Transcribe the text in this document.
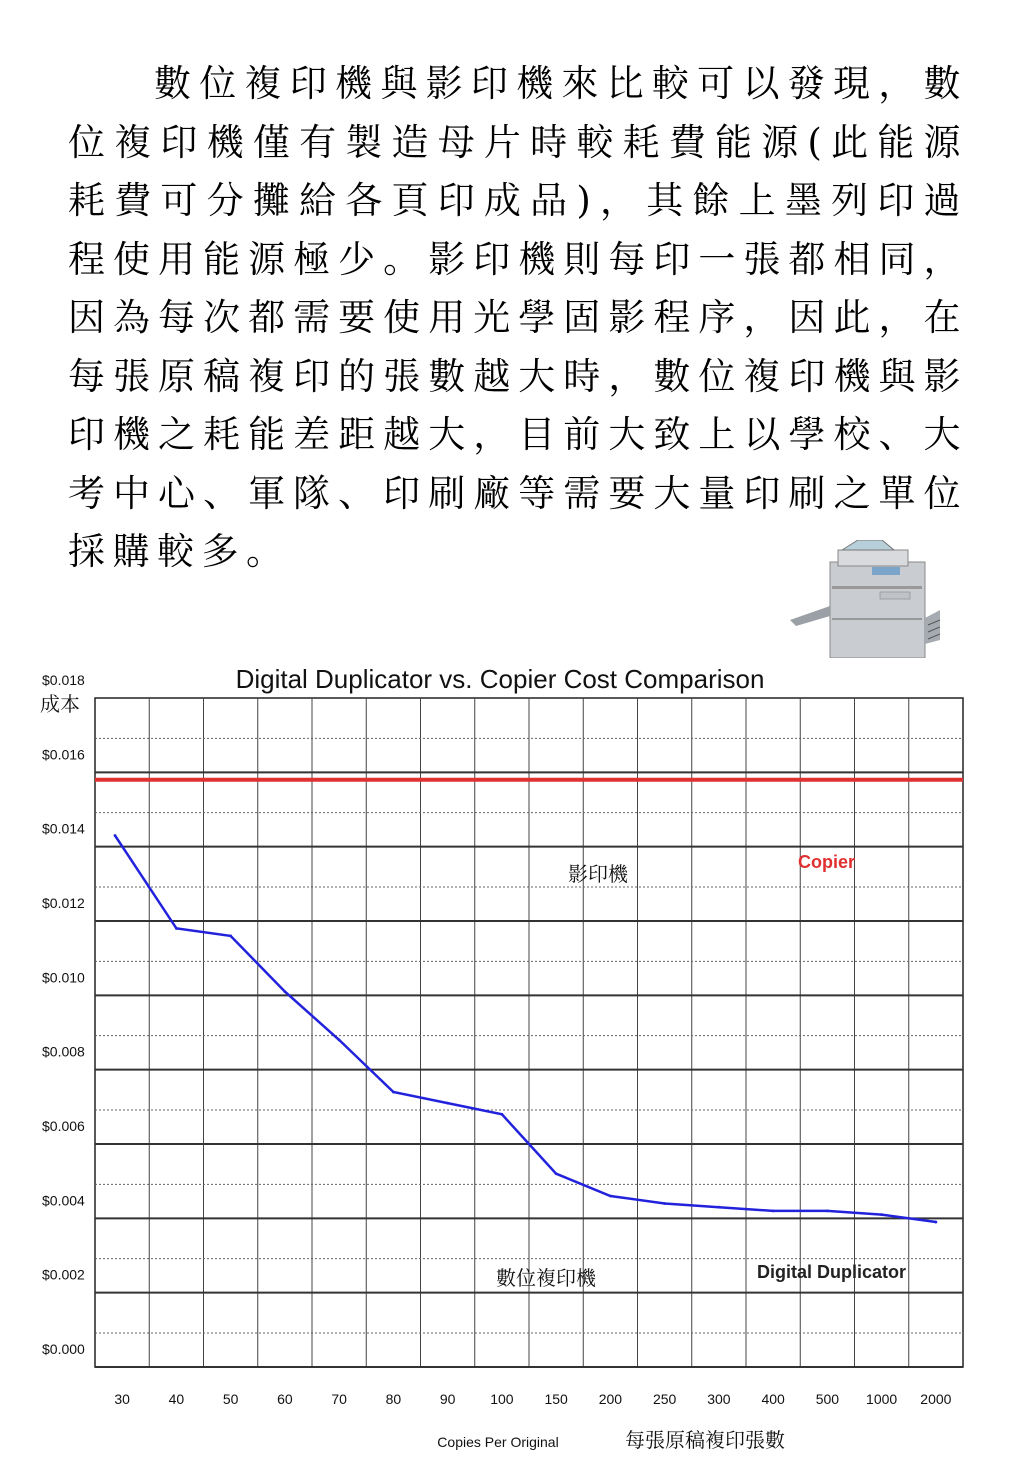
數位複印機與影印機來比較可以發現，數位複印機僅有製造母片時較耗費能源(此能源耗費可分攤給各頁印成品)，其餘上墨列印過程使用能源極少。影印機則每印一張都相同，因為每次都需要使用光學固影程序，因此，在每張原稿複印的張數越大時，數位複印機與影印機之耗能差距越大，目前大致上以學校、大考中心、軍隊、印刷廠等需要大量印刷之單位採購較多。

Digital Duplicator vs. Copier Cost Comparison
成本
$0.018
$0.016
$0.014
$0.012
$0.010
$0.008
$0.006
$0.004
$0.002
$0.000
30	40	50	60	70	80	90 100 150 200 250 300 400 500 1000 2000
Copier
影印機
Digital Duplicator
數位複印機
Copies Per Original	每張原稿複印張數
